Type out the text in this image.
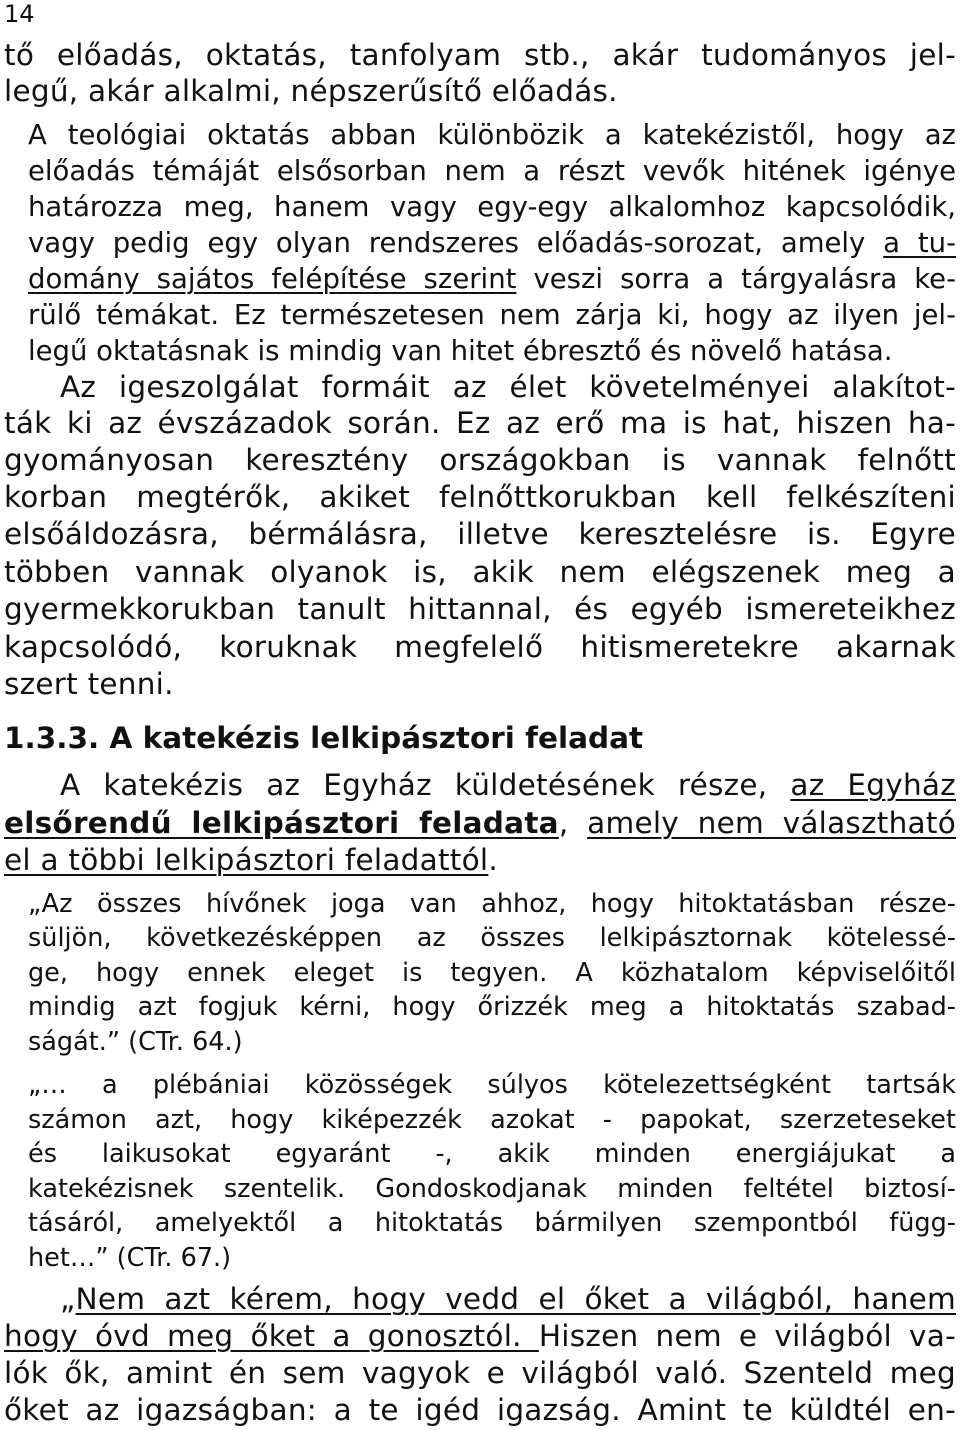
14
tő előadás, oktatás, tanfolyam stb., akár tudományos jel-
legű, akár alkalmi, népszerűsítő előadás.
A teológiai oktatás abban különbözik a katekézistől, hogy az
előadás témáját elsősorban nem a részt vevők hitének igénye
határozza meg, hanem vagy egy-egy alkalomhoz kapcsolódik,
vagy pedig egy olyan rendszeres előadás-sorozat, amely a tu-
domány sajátos felépítése szerint veszi sorra a tárgyalásra ke-
rülő témákat. Ez természetesen nem zárja ki, hogy az ilyen jel-
legű oktatásnak is mindig van hitet ébresztő és növelő hatása.
Az igeszolgálat formáit az élet követelményei alakítot-
ták ki az évszázadok során. Ez az erő ma is hat, hiszen ha-
gyományosan keresztény országokban is vannak felnőtt
korban megtérők, akiket felnőttkorukban kell felkészíteni
elsőáldozásra, bérmálásra, illetve keresztelésre is. Egyre
többen vannak olyanok is, akik nem elégszenek meg a
gyermekkorukban tanult hittannal, és egyéb ismereteikhez
kapcsolódó, koruknak megfelelő hitismeretekre akarnak
szert tenni.
1.3.3. A katekézis lelkipásztori feladat
A katekézis az Egyház küldetésének része, az Egyház
elsőrendű lelkipásztori feladata, amely nem választható
el a többi lelkipásztori feladattól.
„Az összes hívőnek joga van ahhoz, hogy hitoktatásban része-
süljön, következésképpen az összes lelkipásztornak kötelessé-
ge, hogy ennek eleget is tegyen. A közhatalom képviselőitől
mindig azt fogjuk kérni, hogy őrizzék meg a hitoktatás szabad-
ságát.” (CTr. 64.)
„… a plébániai közösségek súlyos kötelezettségként tartsák
számon azt, hogy kiképezzék azokat - papokat, szerzeteseket
és laikusokat egyaránt -, akik minden energiájukat a
katekézisnek szentelik. Gondoskodjanak minden feltétel biztosí-
tásáról, amelyektől a hitoktatás bármilyen szempontból függ-
het…” (CTr. 67.)
„Nem azt kérem, hogy vedd el őket a világból, hanem
hogy óvd meg őket a gonosztól. Hiszen nem e világból va-
lók ők, amint én sem vagyok e világból való. Szenteld meg
őket az igazságban: a te igéd igazság. Amint te küldtél en-
